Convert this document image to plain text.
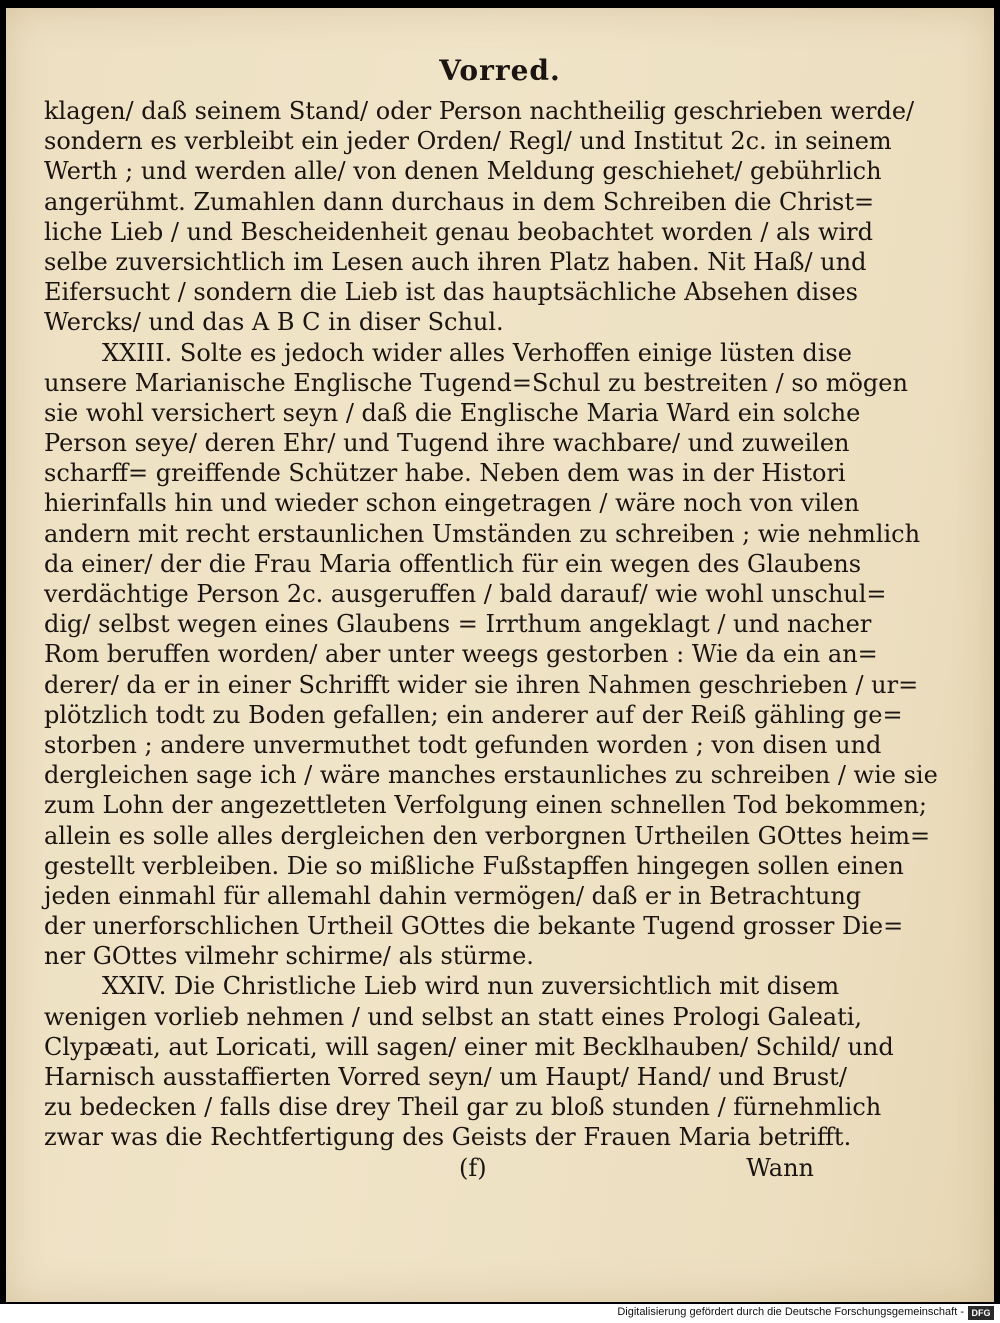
Vorred.
klagen/ daß seinem Stand/ oder Person nachtheilig geschrieben werde/
sondern es verbleibt ein jeder Orden/ Regl/ und Institut 2c. in seinem
Werth ; und werden alle/ von denen Meldung geschiehet/ gebührlich
angerühmt. Zumahlen dann durchaus in dem Schreiben die Christ=
liche Lieb / und Bescheidenheit genau beobachtet worden / als wird
selbe zuversichtlich im Lesen auch ihren Platz haben. Nit Haß/ und
Eifersucht / sondern die Lieb ist das hauptsächliche Absehen dises
Wercks/ und das A B C in diser Schul.
XXIII. Solte es jedoch wider alles Verhoffen einige lüsten dise
unsere Marianische Englische Tugend=Schul zu bestreiten / so mögen
sie wohl versichert seyn / daß die Englische Maria Ward ein solche
Person seye/ deren Ehr/ und Tugend ihre wachbare/ und zuweilen
scharff= greiffende Schützer habe. Neben dem was in der Histori
hierinfalls hin und wieder schon eingetragen / wäre noch von vilen
andern mit recht erstaunlichen Umständen zu schreiben ; wie nehmlich
da einer/ der die Frau Maria offentlich für ein wegen des Glaubens
verdächtige Person 2c. ausgeruffen / bald darauf/ wie wohl unschul=
dig/ selbst wegen eines Glaubens = Irrthum angeklagt / und nacher
Rom beruffen worden/ aber unter weegs gestorben : Wie da ein an=
derer/ da er in einer Schrifft wider sie ihren Nahmen geschrieben / ur=
plötzlich todt zu Boden gefallen; ein anderer auf der Reiß gähling ge=
storben ; andere unvermuthet todt gefunden worden ; von disen und
dergleichen sage ich / wäre manches erstaunliches zu schreiben / wie sie
zum Lohn der angezettleten Verfolgung einen schnellen Tod bekommen;
allein es solle alles dergleichen den verborgnen Urtheilen GOttes heim=
gestellt verbleiben. Die so mißliche Fußstapffen hingegen sollen einen
jeden einmahl für allemahl dahin vermögen/ daß er in Betrachtung
der unerforschlichen Urtheil GOttes die bekante Tugend grosser Die=
ner GOttes vilmehr schirme/ als stürme.
XXIV. Die Christliche Lieb wird nun zuversichtlich mit disem
wenigen vorlieb nehmen / und selbst an statt eines Prologi Galeati,
Clypæati, aut Loricati, will sagen/ einer mit Becklhauben/ Schild/ und
Harnisch ausstaffierten Vorred seyn/ um Haupt/ Hand/ und Brust/
zu bedecken / falls dise drey Theil gar zu bloß stunden / fürnehmlich
zwar was die Rechtfertigung des Geists der Frauen Maria betrifft.
(f)	Wann
Digitalisierung gefördert durch die Deutsche Forschungsgemeinschaft - DFG
